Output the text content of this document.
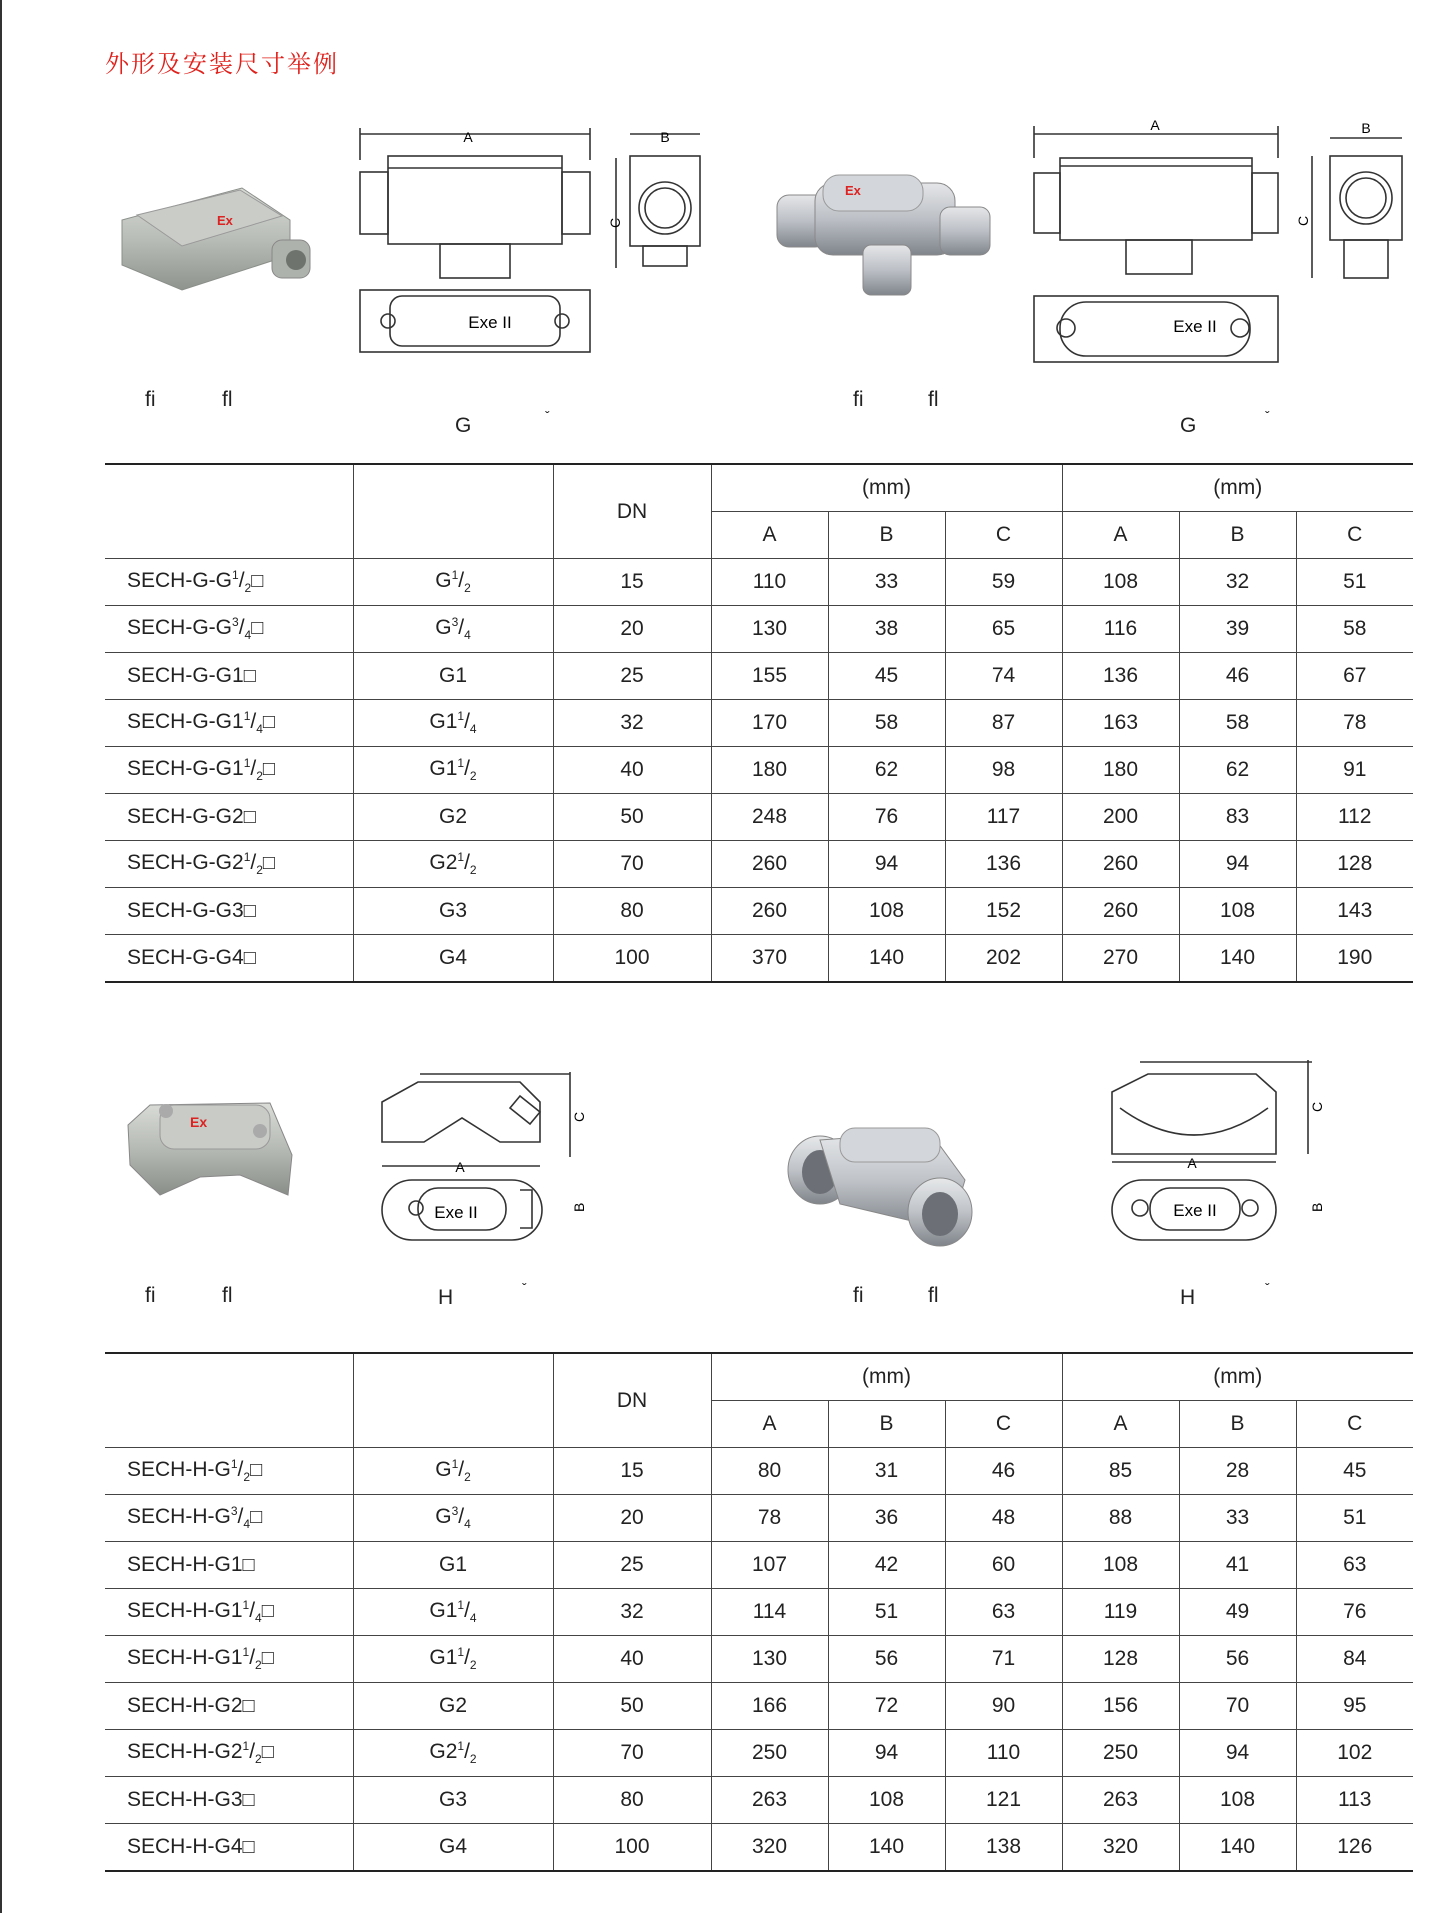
外形及安装尺寸举例
Ex
A
Exe II
B
C
Ex
A
Exe II
B
C
fi	fl
G	ˇ
fi	fl
G	ˇ
		DN	(mm)			(mm)		
			A	B	C	A	B	C
SECH-$G-G^1/_2□$	$G^1/_2$	15	110	33	59	108	32	51
SECH-$G-G^3/_4□$	$G^3/_4$	20	130	38	65	116	39	58
SECH-G-G1□	G1	25	155	45	74	136	46	67
SECH-$G-G1^1/_4□$	$G1^1/_4$	32	170	58	87	163	58	78
SECH-$G-G1^1/_2□$	$G1^1/_2$	40	180	62	98	180	62	91
SECH-G-G2□	G2	50	248	76	117	200	83	112
SECH-$G-G2^1/_2□$	$G2^1/_2$	70	260	94	136	260	94	128
SECH-G-G3□	G3	80	260	108	152	260	108	143
SECH-G-G4□	G4	100	370	140	202	270	140	190
Ex
A
Exe II
C
B
A
Exe II
C
B
fi	fl	H	ˇ	fi	fl	H	ˇ
		DN	(mm)			(mm)		
			A	B	C	A	B	C
SECH-$H-G^1/_2□$	$G^1/_2$	15	80	31	46	85	28	45
SECH-$H-G^3/_4□$	$G^3/_4$	20	78	36	48	88	33	51
SECH-H-G1□	G1	25	107	42	60	108	41	63
SECH-$H-G1^1/_4□$	$G1^1/_4$	32	114	51	63	119	49	76
SECH-$H-G1^1/_2□$	$G1^1/_2$	40	130	56	71	128	56	84
SECH-H-G2□	G2	50	166	72	90	156	70	95
SECH-$H-G2^1/_2□$	$G2^1/_2$	70	250	94	110	250	94	102
SECH-H-G3□	G3	80	263	108	121	263	108	113
SECH-H-G4□	G4	100	320	140	138	320	140	126
